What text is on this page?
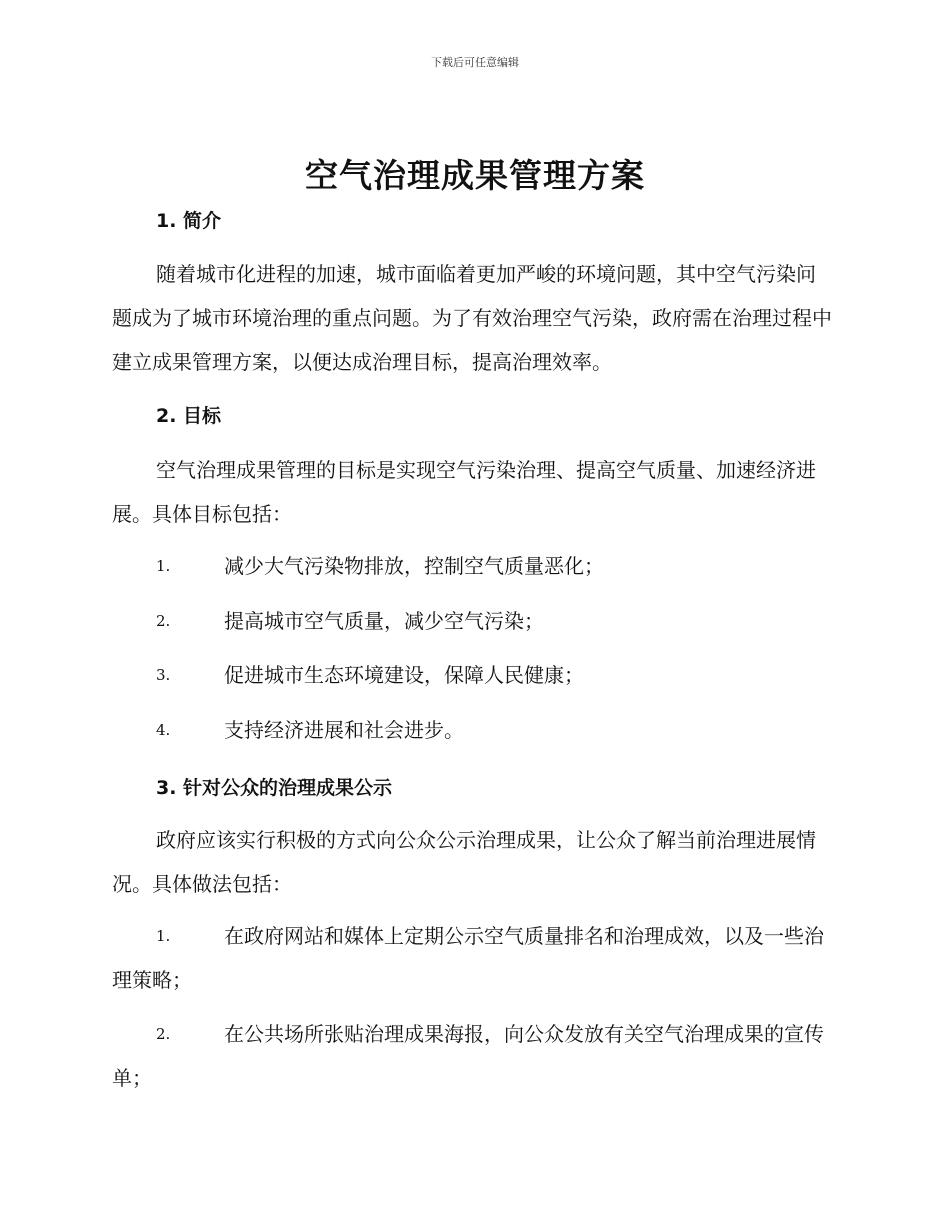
下载后可任意编辑
空气治理成果管理方案
1. 简介

随着城市化进程的加速，城市面临着更加严峻的环境问题，其中空气污染问题成为了城市环境治理的重点问题。为了有效治理空气污染，政府需在治理过程中建立成果管理方案，以便达成治理目标，提高治理效率。

2. 目标

空气治理成果管理的目标是实现空气污染治理、提高空气质量、加速经济进展。具体目标包括：

1.	减少大气污染物排放，控制空气质量恶化；
2.	提高城市空气质量，减少空气污染；
3.	促进城市生态环境建设，保障人民健康；
4.	支持经济进展和社会进步。
3. 针对公众的治理成果公示

政府应该实行积极的方式向公众公示治理成果，让公众了解当前治理进展情况。具体做法包括：

1.	在政府网站和媒体上定期公示空气质量排名和治理成效，以及一些治理策略；
2.	在公共场所张贴治理成果海报，向公众发放有关空气治理成果的宣传单；
